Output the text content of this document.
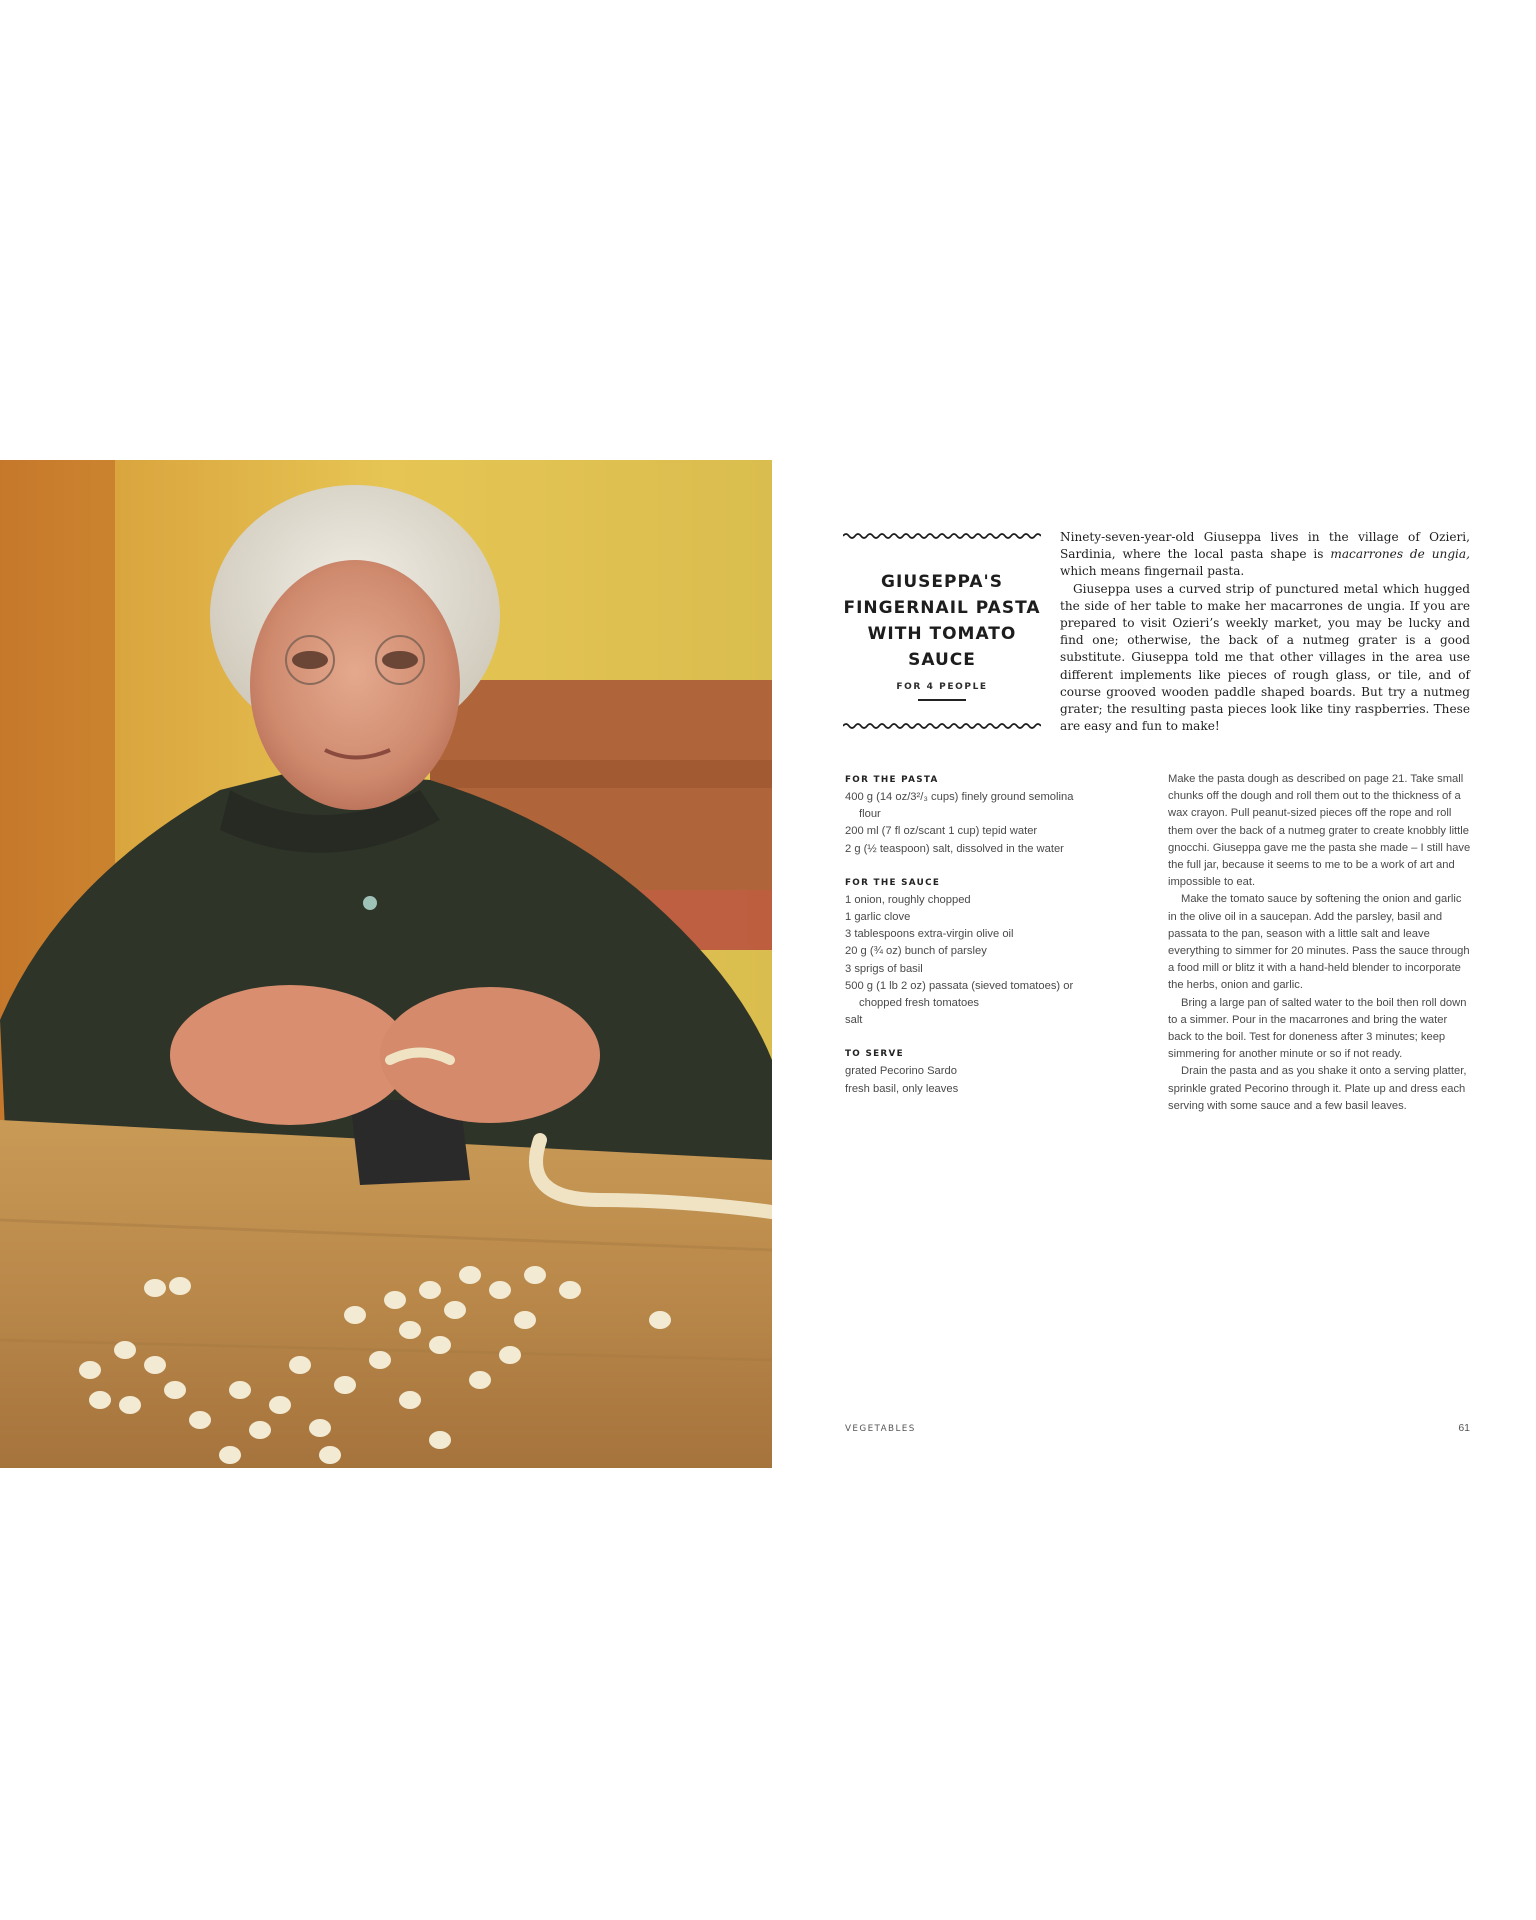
GIUSEPPA'S
FINGERNAIL PASTA
WITH TOMATO SAUCE
FOR 4 PEOPLE

Ninety-seven-year-old Giuseppa lives in the village of Ozieri, Sardinia, where the local pasta shape is macarrones de ungia, which means fingernail pasta.

Giuseppa uses a curved strip of punctured metal which hugged the side of her table to make her macarrones de ungia. If you are prepared to visit Ozieri’s weekly market, you may be lucky and find one; otherwise, the back of a nutmeg grater is a good substitute. Giuseppa told me that other villages in the area use different implements like pieces of rough glass, or tile, and of course grooved wooden paddle shaped boards. But try a nutmeg grater; the resulting pasta pieces look like tiny raspberries. These are easy and fun to make!

FOR THE PASTA

400 g (14 oz/3²/₃ cups) finely ground semolina flour

200 ml (7 fl oz/scant 1 cup) tepid water

2 g (½ teaspoon) salt, dissolved in the water

FOR THE SAUCE

1 onion, roughly chopped

1 garlic clove

3 tablespoons extra-virgin olive oil

20 g (¾ oz) bunch of parsley

3 sprigs of basil

500 g (1 lb 2 oz) passata (sieved tomatoes) or chopped fresh tomatoes

salt

TO SERVE

grated Pecorino Sardo

fresh basil, only leaves

Make the pasta dough as described on page 21. Take small chunks off the dough and roll them out to the thickness of a wax crayon. Pull peanut-sized pieces off the rope and roll them over the back of a nutmeg grater to create knobbly little gnocchi. Giuseppa gave me the pasta she made – I still have the full jar, because it seems to me to be a work of art and impossible to eat.

Make the tomato sauce by softening the onion and garlic in the olive oil in a saucepan. Add the parsley, basil and passata to the pan, season with a little salt and leave everything to simmer for 20 minutes. Pass the sauce through a food mill or blitz it with a hand-held blender to incorporate the herbs, onion and garlic.

Bring a large pan of salted water to the boil then roll down to a simmer. Pour in the macarrones and bring the water back to the boil. Test for doneness after 3 minutes; keep simmering for another minute or so if not ready.

Drain the pasta and as you shake it onto a serving platter, sprinkle grated Pecorino through it. Plate up and dress each serving with some sauce and a few basil leaves.

VEGETABLES	61
